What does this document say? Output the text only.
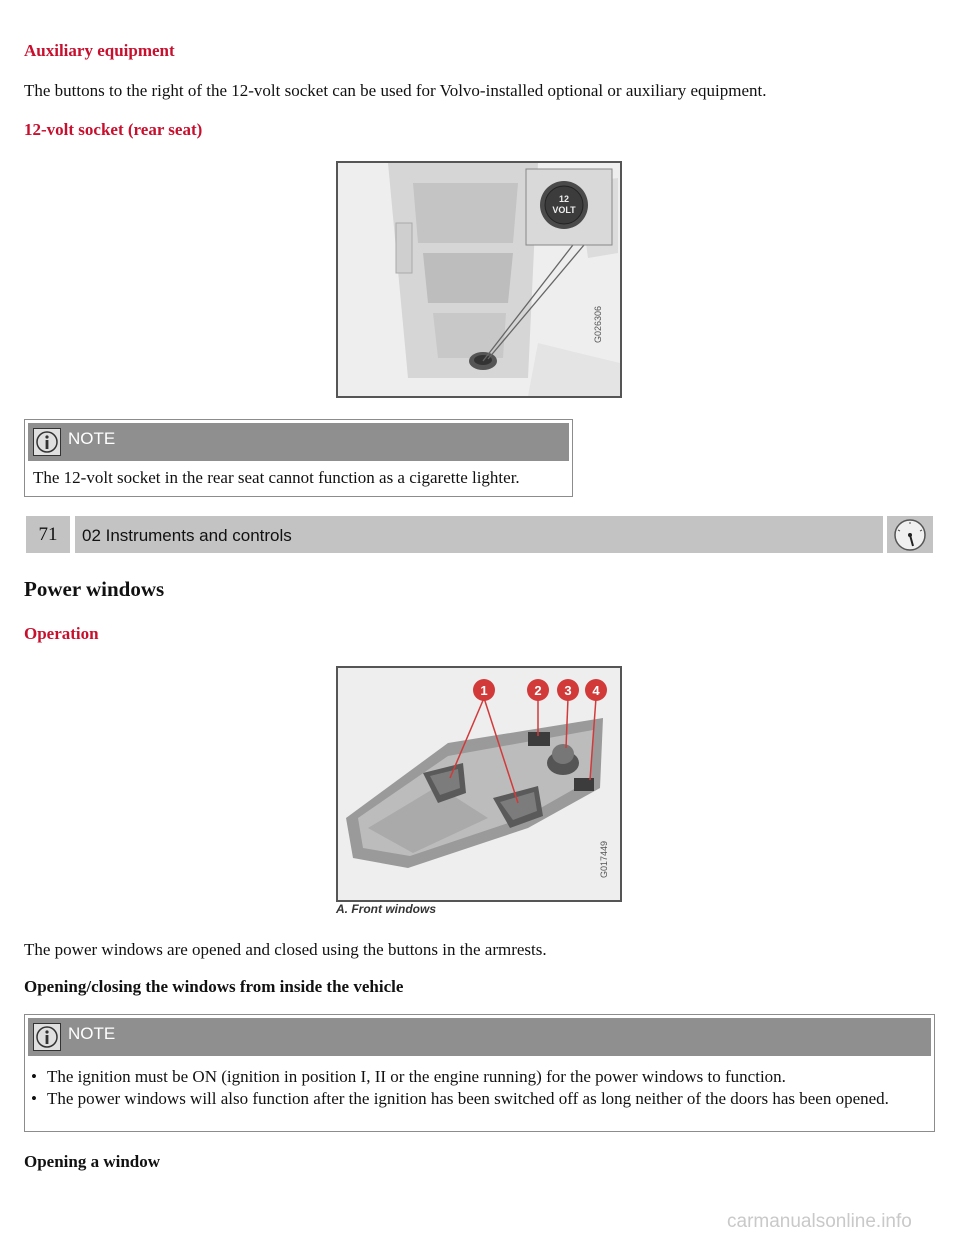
Auxiliary equipment
The buttons to the right of the 12-volt socket can be used for Volvo-installed optional or auxiliary equipment.
12-volt socket (rear seat)
12
VOLT
G026306
NOTE
The 12-volt socket in the rear seat cannot function as a cigarette lighter.
71	02 Instruments and controls
Power windows
Operation
1	2 3 4
G017449
A. Front windows
The power windows are opened and closed using the buttons in the armrests.
Opening/closing the windows from inside the vehicle
NOTE
• The ignition must be ON (ignition in position I, II or the engine running) for the power windows to function.
• The power windows will also function after the ignition has been switched off as long neither of the doors has been opened.
Opening a window
carmanualsonline.info
